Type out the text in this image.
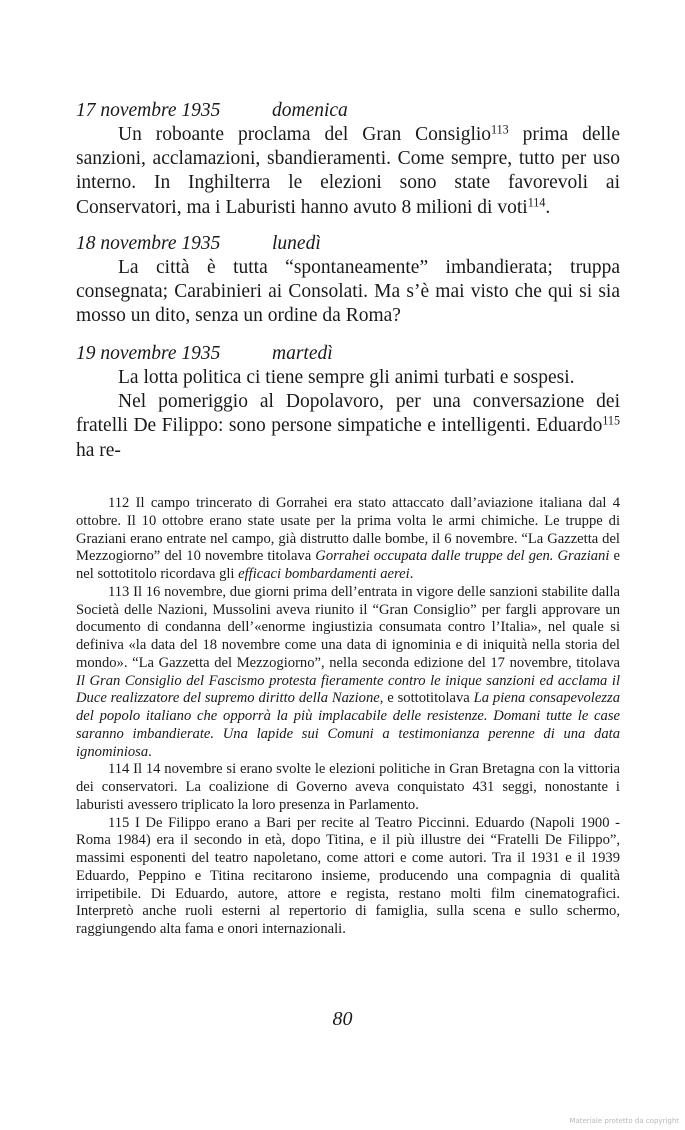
17 novembre 1935	domenica

Un roboante proclama del Gran Consiglio$^{113}$ prima delle sanzioni, acclamazioni, sbandieramenti. Come sempre, tutto per uso interno. In Inghilterra le elezioni sono state favorevoli ai Conservatori, ma i Laburisti hanno avuto 8 milioni di voti$^{114}$.

18 novembre 1935	lunedì

La città è tutta “spontaneamente” imbandierata; truppa consegnata; Carabinieri ai Consolati. Ma s’è mai visto che qui si sia mosso un dito, senza un ordine da Roma?

19 novembre 1935	martedì

La lotta politica ci tiene sempre gli animi turbati e sospesi.

Nel pomeriggio al Dopolavoro, per una conversazione dei fratelli De Filippo: sono persone simpatiche e intelligenti. Eduardo$^{115}$ ha re-

112 Il campo trincerato di Gorrahei era stato attaccato dall’aviazione italiana dal 4 ottobre. Il 10 ottobre erano state usate per la prima volta le armi chimiche. Le truppe di Graziani erano entrate nel campo, già distrutto dalle bombe, il 6 novembre. “La Gazzetta del Mezzogiorno” del 10 novembre titolava Gorrahei occupata dalle truppe del gen. Graziani e nel sottotitolo ricordava gli efficaci bombardamenti aerei.

113 Il 16 novembre, due giorni prima dell’entrata in vigore delle sanzioni stabilite dalla Società delle Nazioni, Mussolini aveva riunito il “Gran Consiglio” per fargli approvare un documento di condanna dell’«enorme ingiustizia consumata contro l’Italia», nel quale si definiva «la data del 18 novembre come una data di ignominia e di iniquità nella storia del mondo». “La Gazzetta del Mezzogiorno”, nella seconda edizione del 17 novembre, titolava Il Gran Consiglio del Fascismo protesta fieramente contro le inique sanzioni ed acclama il Duce realizzatore del supremo diritto della Nazione, e sottotitolava La piena consapevolezza del popolo italiano che opporrà la più implacabile delle resistenze. Domani tutte le case saranno imbandierate. Una lapide sui Comuni a testimonianza perenne di una data ignominiosa.

114 Il 14 novembre si erano svolte le elezioni politiche in Gran Bretagna con la vittoria dei conservatori. La coalizione di Governo aveva conquistato 431 seggi, nonostante i laburisti avessero triplicato la loro presenza in Parlamento.

115 I De Filippo erano a Bari per recite al Teatro Piccinni. Eduardo (Napoli 1900 - Roma 1984) era il secondo in età, dopo Titina, e il più illustre dei “Fratelli De Filippo”, massimi esponenti del teatro napoletano, come attori e come autori. Tra il 1931 e il 1939 Eduardo, Peppino e Titina recitarono insieme, producendo una compagnia di qualità irripetibile. Di Eduardo, autore, attore e regista, restano molti film cinematografici. Interpretò anche ruoli esterni al repertorio di famiglia, sulla scena e sullo schermo, raggiungendo alta fama e onori internazionali.

80
Materiale protetto da copyright
